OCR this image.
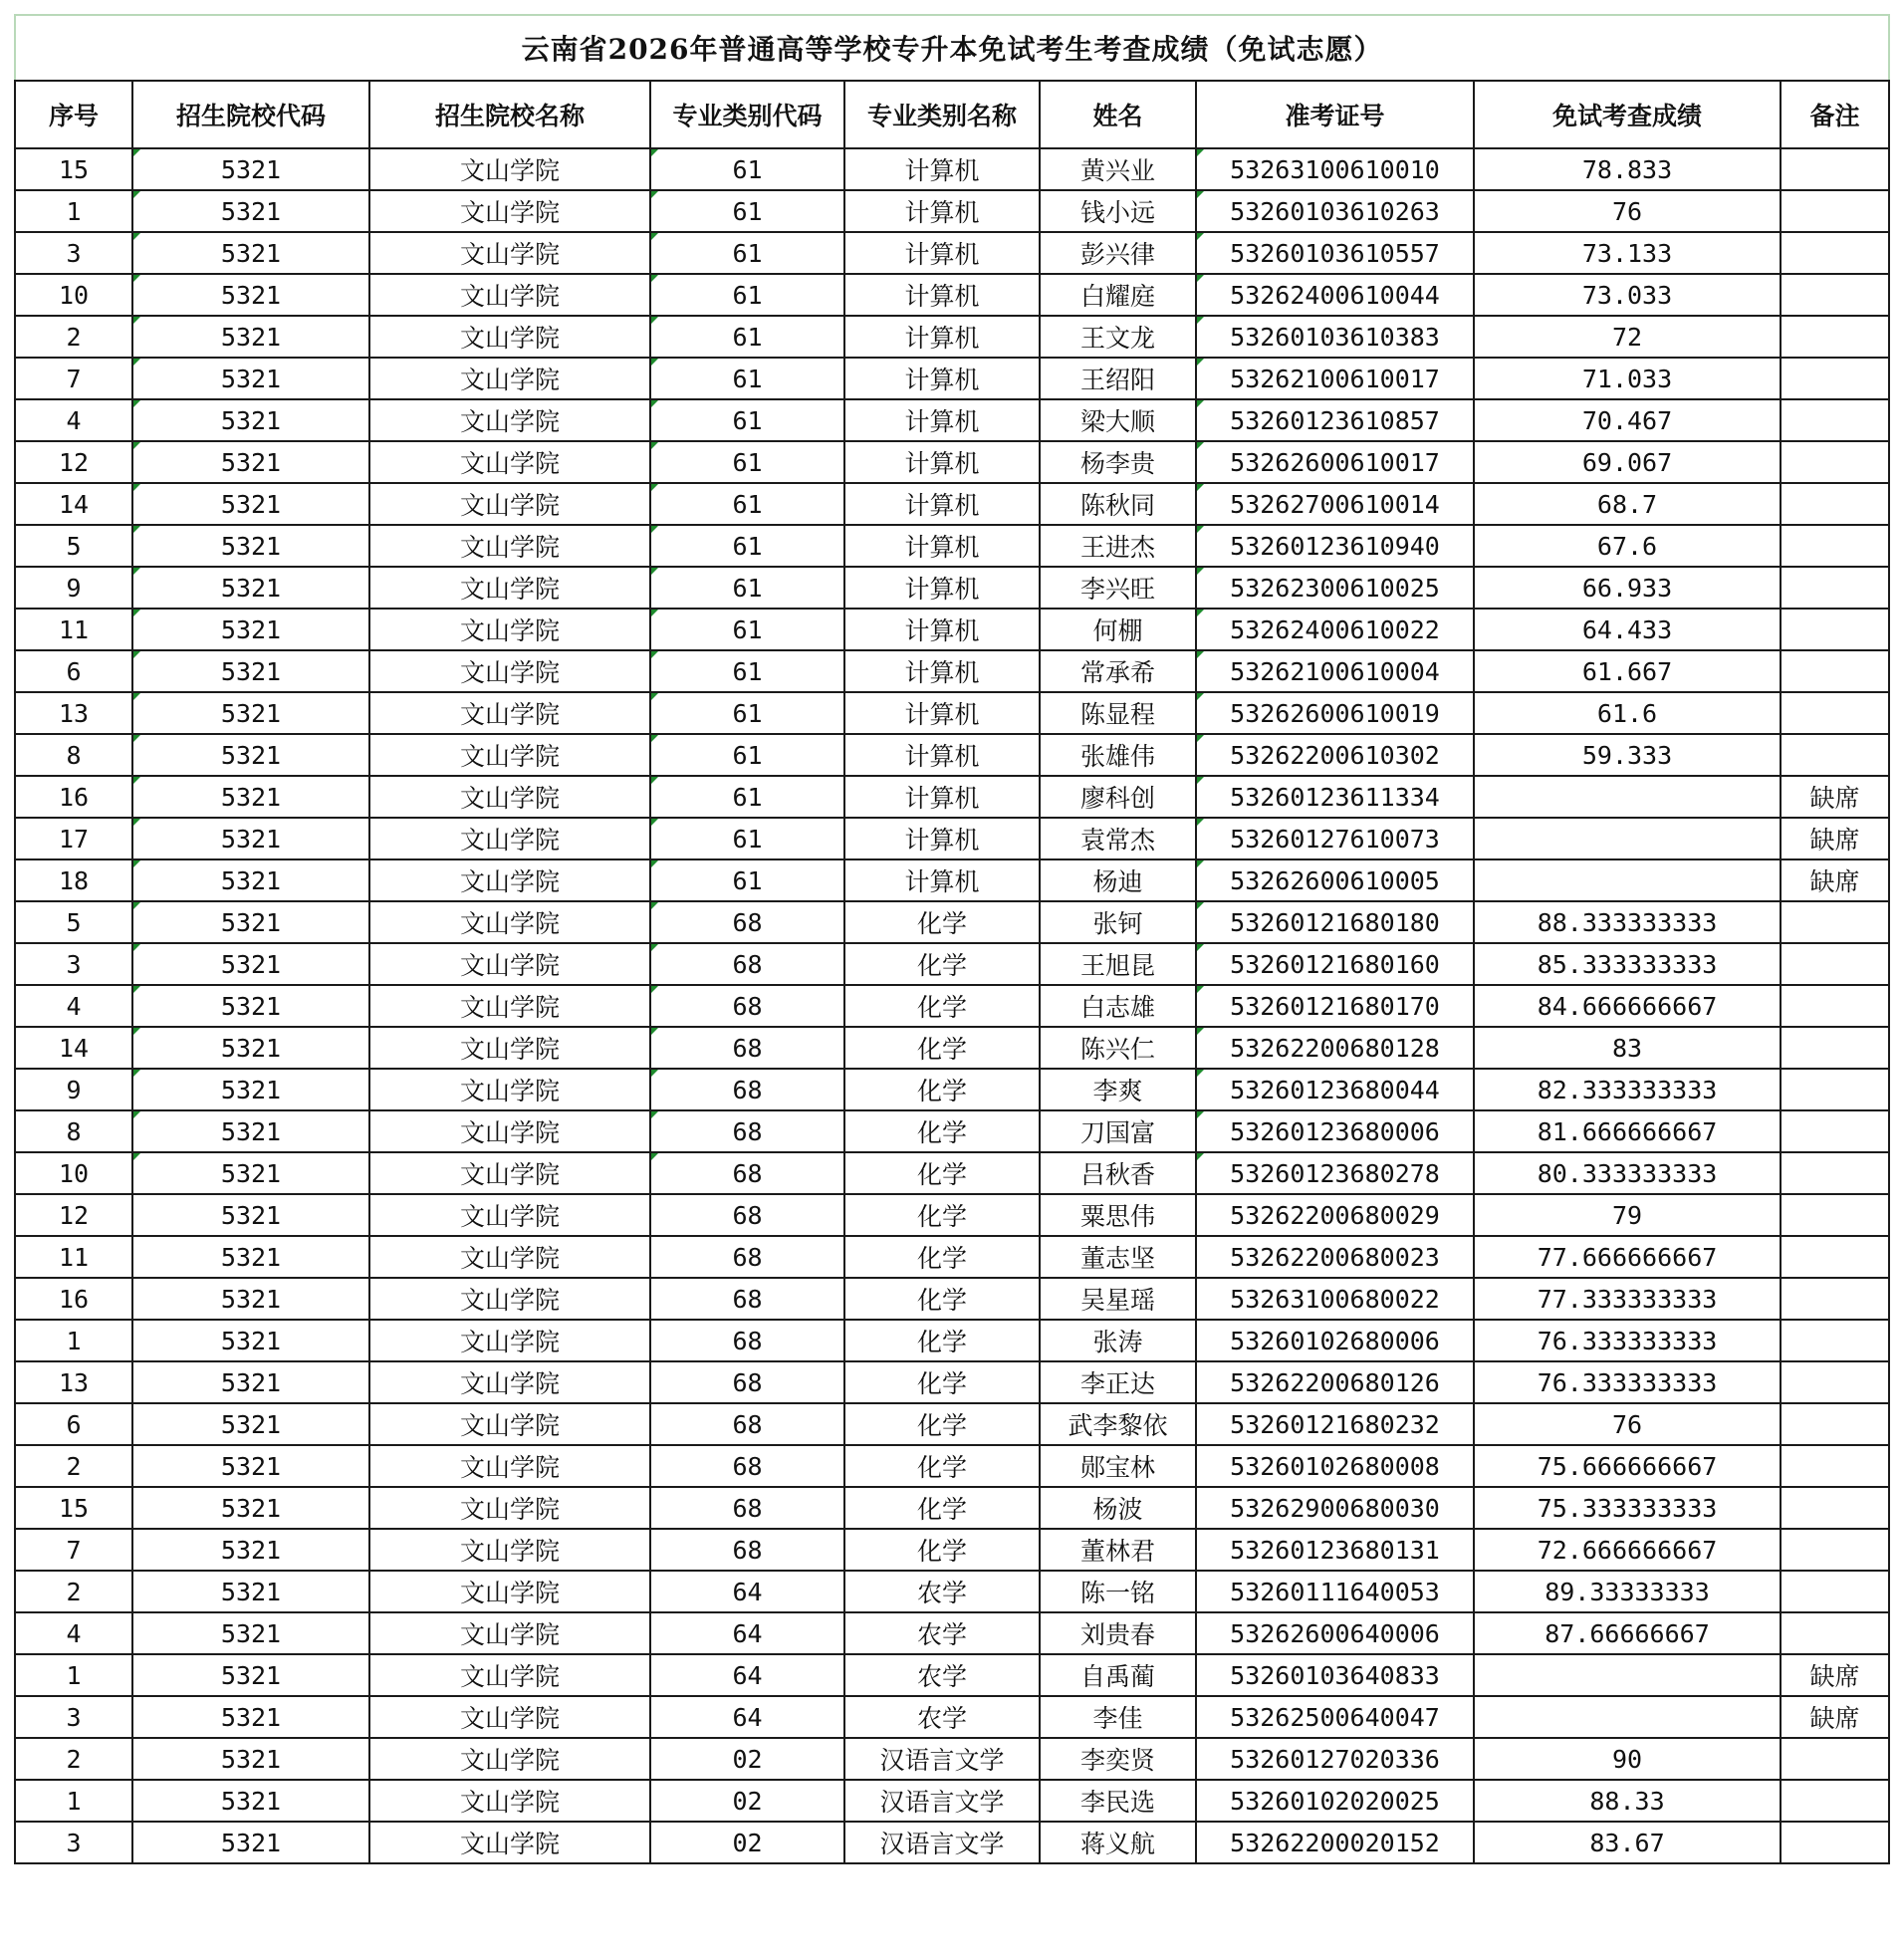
云南省2026年普通高等学校专升本免试考生考查成绩（免试志愿）								
序号	招生院校代码	招生院校名称	专业类别代码	专业类别名称	姓名	准考证号	免试考查成绩	备注
15	5321	文山学院	61	计算机	黄兴业	53263100610010	78.833	
1	5321	文山学院	61	计算机	钱小远	53260103610263	76	
3	5321	文山学院	61	计算机	彭兴律	53260103610557	73.133	
10	5321	文山学院	61	计算机	白耀庭	53262400610044	73.033	
2	5321	文山学院	61	计算机	王文龙	53260103610383	72	
7	5321	文山学院	61	计算机	王绍阳	53262100610017	71.033	
4	5321	文山学院	61	计算机	梁大顺	53260123610857	70.467	
12	5321	文山学院	61	计算机	杨李贵	53262600610017	69.067	
14	5321	文山学院	61	计算机	陈秋同	53262700610014	68.7	
5	5321	文山学院	61	计算机	王进杰	53260123610940	67.6	
9	5321	文山学院	61	计算机	李兴旺	53262300610025	66.933	
11	5321	文山学院	61	计算机	何棚	53262400610022	64.433	
6	5321	文山学院	61	计算机	常承希	53262100610004	61.667	
13	5321	文山学院	61	计算机	陈显程	53262600610019	61.6	
8	5321	文山学院	61	计算机	张雄伟	53262200610302	59.333	
16	5321	文山学院	61	计算机	廖科创	53260123611334		缺席
17	5321	文山学院	61	计算机	袁常杰	53260127610073		缺席
18	5321	文山学院	61	计算机	杨迪	53262600610005		缺席
5	5321	文山学院	68	化学	张钶	53260121680180	88.333333333	
3	5321	文山学院	68	化学	王旭昆	53260121680160	85.333333333	
4	5321	文山学院	68	化学	白志雄	53260121680170	84.666666667	
14	5321	文山学院	68	化学	陈兴仁	53262200680128	83	
9	5321	文山学院	68	化学	李爽	53260123680044	82.333333333	
8	5321	文山学院	68	化学	刀国富	53260123680006	81.666666667	
10	5321	文山学院	68	化学	吕秋香	53260123680278	80.333333333	
12	5321	文山学院	68	化学	粟思伟	53262200680029	79	
11	5321	文山学院	68	化学	董志坚	53262200680023	77.666666667	
16	5321	文山学院	68	化学	吴星瑶	53263100680022	77.333333333	
1	5321	文山学院	68	化学	张涛	53260102680006	76.333333333	
13	5321	文山学院	68	化学	李正达	53262200680126	76.333333333	
6	5321	文山学院	68	化学	武李黎依	53260121680232	76	
2	5321	文山学院	68	化学	郧宝林	53260102680008	75.666666667	
15	5321	文山学院	68	化学	杨波	53262900680030	75.333333333	
7	5321	文山学院	68	化学	董林君	53260123680131	72.666666667	
2	5321	文山学院	64	农学	陈一铭	53260111640053	89.33333333	
4	5321	文山学院	64	农学	刘贵春	53262600640006	87.66666667	
1	5321	文山学院	64	农学	自禹蔺	53260103640833		缺席
3	5321	文山学院	64	农学	李佳	53262500640047		缺席
2	5321	文山学院	02	汉语言文学	李奕贤	53260127020336	90	
1	5321	文山学院	02	汉语言文学	李民选	53260102020025	88.33	
3	5321	文山学院	02	汉语言文学	蒋义航	53262200020152	83.67	
